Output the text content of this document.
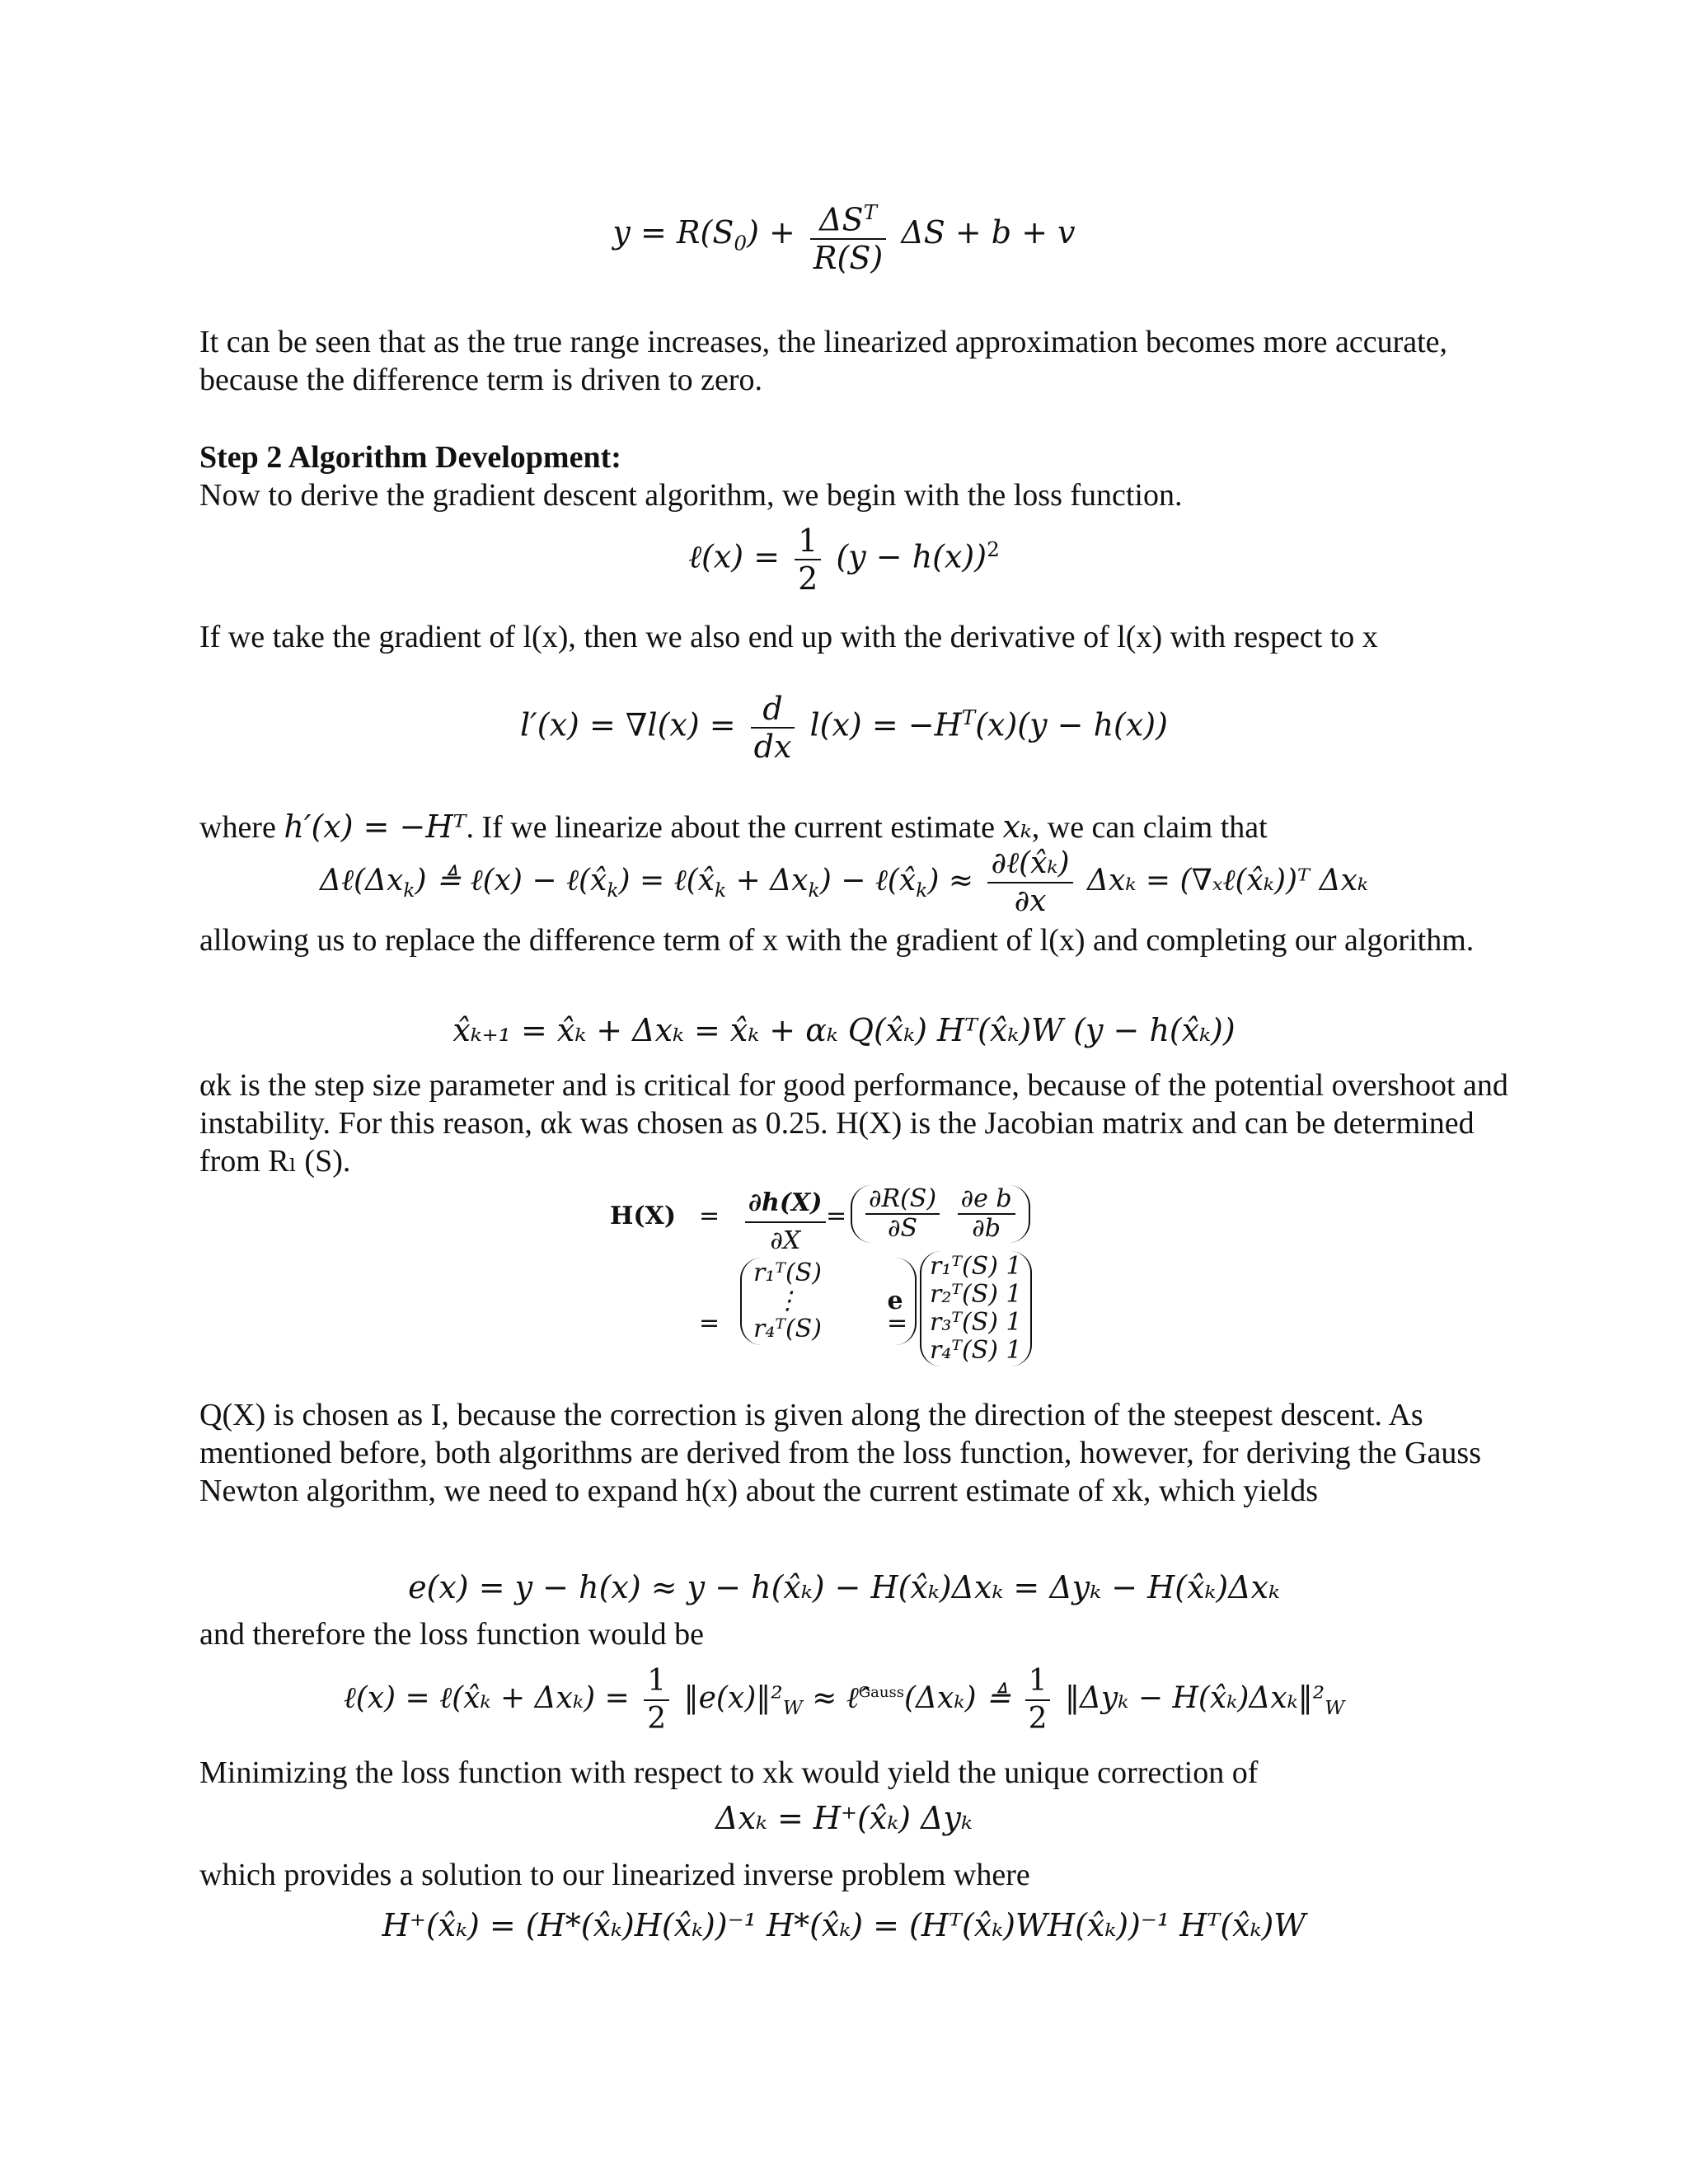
$y = R(S_0) + \frac{\Delta S^T}{R(S)}$ ΔS + b + v
It can be seen that as the true range increases, the linearized approximation becomes more accurate, because the difference term is driven to zero.
Step 2 Algorithm Development:
Now to derive the gradient descent algorithm, we begin with the loss function.
ℓ(x) = $\frac{1}{2} (y - h(x))^2$
If we take the gradient of l(x), then we also end up with the derivative of l(x) with respect to x
$l'(x) = \nabla l(x) = \frac{d}{dx} l(x) = -H^T(x)(y - h(x))$
where h′(x) = −Hᵀ. If we linearize about the current estimate xₖ, we can claim that
$\Delta\ell(\Delta x_k)$ ≜ ℓ(x) − $\ell(x̂_k)$ = $\ell(x̂_k + \Delta x_k)$ − $\ell(x̂_k) \approx \frac{\text{∂ℓ(x̂ₖ)}}{\partial x}$ Δxₖ = (∇ₓℓ(x̂ₖ))ᵀ Δxₖ
allowing us to replace the difference term of x with the gradient of l(x) and completing our algorithm.
x̂ₖ₊₁ = x̂ₖ + Δxₖ = x̂ₖ + αₖ Q(x̂ₖ) Hᵀ(x̂ₖ)W (y − h(x̂ₖ))
αk is the step size parameter and is critical for good performance, because of the potential overshoot and instability. For this reason, αk was chosen as 0.25. H(X) is the Jacobian matrix and can be determined from Rₗ (S).
$H(X) = \frac{\partial h(X)}{\partial X} = \frac{\partial R(S)}{\partial S}$
$\frac{\text{∂e b}}{\partial b}$
=
r₁ᵀ(S)
⋮
r₄ᵀ(S)
e
=
r₁ᵀ(S) 1
r₂ᵀ(S) 1
r₃ᵀ(S) 1
r₄ᵀ(S) 1
Q(X) is chosen as I, because the correction is given along the direction of the steepest descent. As mentioned before, both algorithms are derived from the loss function, however, for deriving the Gauss Newton algorithm, we need to expand h(x) about the current estimate of xk, which yields
e(x) = y − h(x) ≈ y − h(x̂ₖ) − H(x̂ₖ)Δxₖ = Δyₖ − H(x̂ₖ)Δxₖ
and therefore the loss function would be
ℓ(x) = ℓ(x̂ₖ + $\Delta x_k) = \frac{1}{2}$ $‖e(x)‖^2_W$ ≈ ℓ̂$^{Gauss}$(Δxₖ) ≜ $\frac{1}{2}$ ‖Δyₖ − $H(x̂_k)\Delta x_k‖^2_W$
Minimizing the loss function with respect to xk would yield the unique correction of
Δxₖ = H⁺(x̂ₖ) Δyₖ
which provides a solution to our linearized inverse problem where
H⁺(x̂ₖ) = (H*(x̂ₖ)H(x̂ₖ))⁻¹ H*(x̂ₖ) = (Hᵀ(x̂ₖ)WH(x̂ₖ))⁻¹ Hᵀ(x̂ₖ)W
